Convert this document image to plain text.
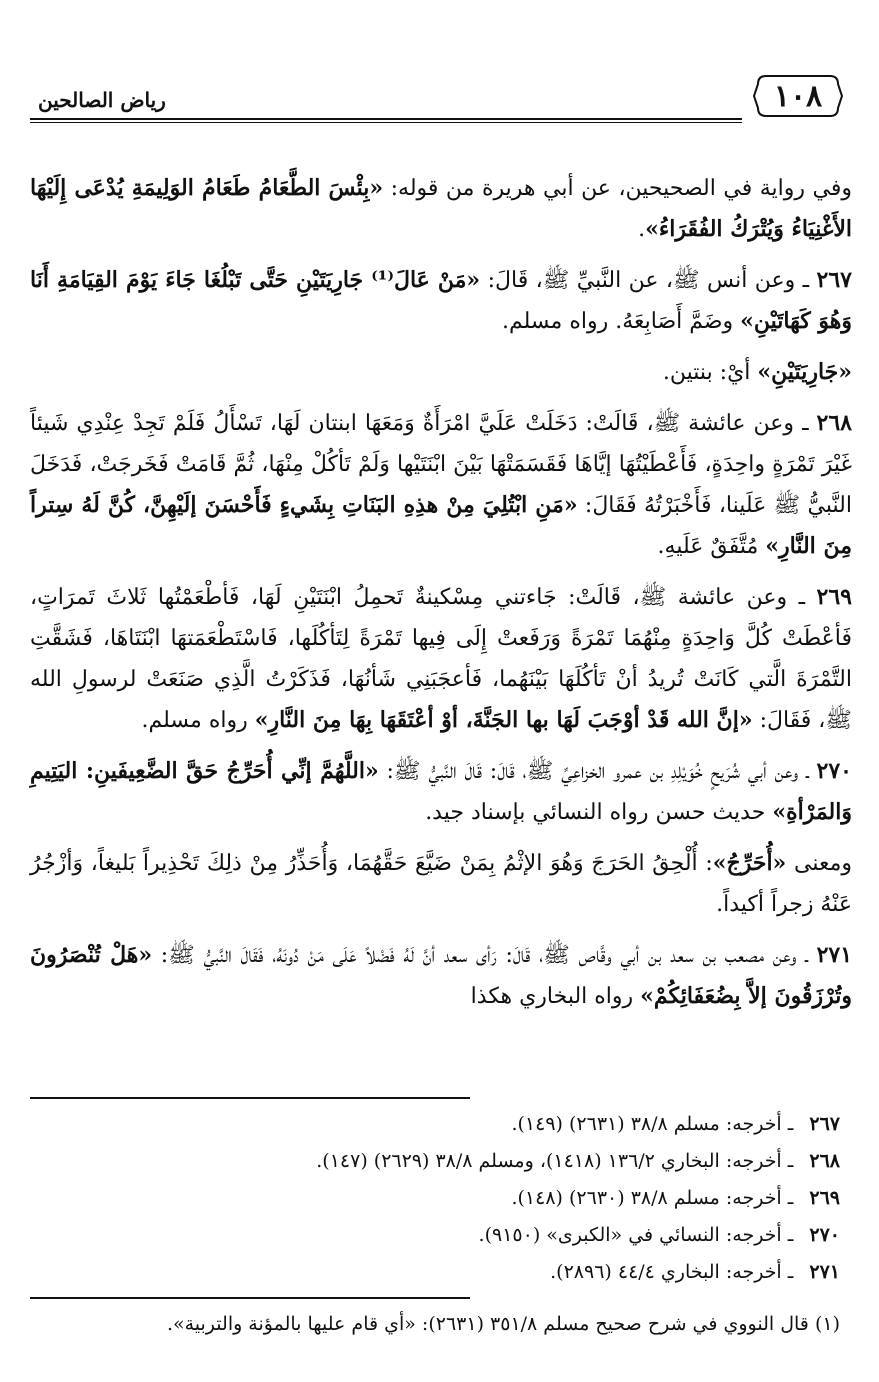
١٠٨
رياض الصالحين

وفي رواية في الصحيحين، عن أبي هريرة من قوله: «بِئْسَ الطَّعَامُ طَعَامُ الوَلِيمَةِ يُدْعَى إِلَيْهَا الأَغْنِيَاءُ وَيُتْرَكُ الفُقَرَاءُ».

٢٦٧ ـ وعن أنس ﷺ، عن النَّبيِّ ﷺ، قَالَ: «مَنْ عَالَ⁽¹⁾ جَارِيَتَيْنِ حَتَّى تَبْلُغَا جَاءَ يَوْمَ القِيَامَةِ أَنَا وَهُوَ كَهَاتَيْنِ» وضَمَّ أَصَابِعَهُ. رواه مسلم.

«جَارِيَتَيْنِ» أيْ: بنتين.

٢٦٨ ـ وعن عائشة ﷺ، قَالَتْ: دَخَلَتْ عَلَيَّ امْرَأَةٌ وَمَعَهَا ابنتان لَهَا، تَسْأَلُ فَلَمْ تَجِدْ عِنْدِي شَيئاً غَيْرَ تَمْرَةٍ واحِدَةٍ، فَأَعْطَيْتُهَا إيَّاهَا فَقَسَمَتْهَا بَيْنَ ابْنَتَيْها وَلَمْ تَأكُلْ مِنْهَا، ثُمَّ قَامَتْ فَخَرجَتْ، فَدَخَلَ النَّبيُّ ﷺ عَلَينا، فَأَخْبَرْتُهُ فَقَالَ: «مَنِ ابْتُلِيَ مِنْ هذِهِ البَنَاتِ بِشَيءٍ فَأَحْسَنَ إلَيْهِنَّ، كُنَّ لَهُ سِتراً مِنَ النَّارِ» مُتَّفَقٌ عَلَيهِ.

٢٦٩ ـ وعن عائشة ﷺ، قَالَتْ: جَاءتني مِسْكينةٌ تَحمِلُ ابْنَتَيْنِ لَهَا، فَأطْعَمْتُها ثَلاثَ تَمرَاتٍ، فَأعْطَتْ كُلَّ وَاحِدَةٍ مِنْهُمَا تَمْرَةً وَرَفَعتْ إِلَى فِيها تَمْرَةً لِتَأكُلَها، فَاسْتَطْعَمَتهَا ابْنَتَاهَا، فَشَقَّتِ التَّمْرَةَ الَّتي كَانَتْ تُريدُ أنْ تَأكُلَهَا بَيْنَهُما، فَأعجَبَنِي شَأنُهَا، فَذَكَرْتُ الَّذِي صَنَعَتْ لرسولِ الله ﷺ، فَقَالَ: «إنَّ الله قَدْ أوْجَبَ لَهَا بها الجَنَّةَ، أوْ أعْتَقَهَا بِهَا مِنَ النَّارِ» رواه مسلم.

٢٧٠ ـ وعن أبي شُرَيحٍ خُوَيْلِدِ بن عمرو الخزاعِيِّ ﷺ، قَالَ: قَالَ النَّبيُّ ﷺ: «اللَّهُمَّ إنِّي أُحَرِّجُ حَقَّ الضَّعِيفَينِ: اليَتِيمِ وَالمَرْأةِ» حديث حسن رواه النسائي بإسناد جيد.

ومعنى «أُحَرِّجُ»: أُلْحِقُ الحَرَجَ وَهُوَ الإثْمُ بِمَنْ ضَيَّعَ حَقَّهُمَا، وَأُحَذِّرُ مِنْ ذلِكَ تَحْذِيراً بَليغاً، وَأزْجُرُ عَنْهُ زجراً أكيداً.

٢٧١ ـ وعن مصعب بن سعد بن أبي وقَّاص ﷺ، قَالَ: رَأى سعد أنَّ لَهُ فَضْلاً عَلَى مَنْ دُونَهُ، فَقَالَ النَّبيُّ ﷺ: «هَلْ تُنْصَرُونَ وتُرْزَقُونَ إلاَّ بِضُعَفَائِكُمْ» رواه البخاري هكذا

٢٦٧ ـ أخرجه: مسلم ٣٨/٨ (٢٦٣١) (١٤٩).
٢٦٨ ـ أخرجه: البخاري ١٣٦/٢ (١٤١٨)، ومسلم ٣٨/٨ (٢٦٢٩) (١٤٧).
٢٦٩ ـ أخرجه: مسلم ٣٨/٨ (٢٦٣٠) (١٤٨).
٢٧٠ ـ أخرجه: النسائي في «الكبرى» (٩١٥٠).
٢٧١ ـ أخرجه: البخاري ٤٤/٤ (٢٨٩٦).
(١) قال النووي في شرح صحيح مسلم ٣٥١/٨ (٢٦٣١): «أي قام عليها بالمؤنة والتربية».
